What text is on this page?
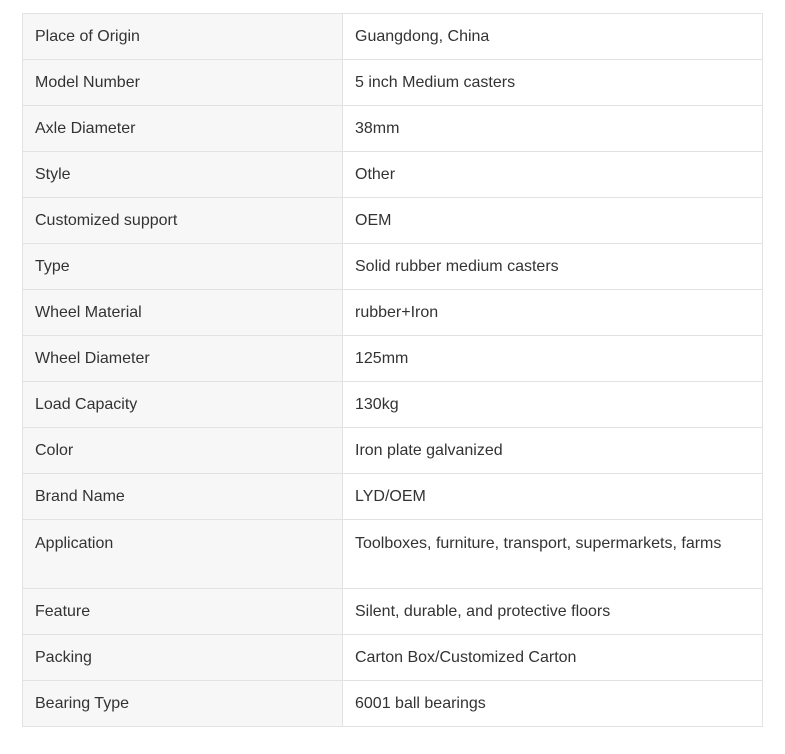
Place of Origin	Guangdong, China
Model Number	5 inch Medium casters
Axle Diameter	38mm
Style	Other
Customized support	OEM
Type	Solid rubber medium casters
Wheel Material	rubber+Iron
Wheel Diameter	125mm
Load Capacity	130kg
Color	Iron plate galvanized
Brand Name	LYD/OEM
Application	Toolboxes, furniture, transport, supermarkets, farms
Feature	Silent, durable, and protective floors
Packing	Carton Box/Customized Carton
Bearing Type	6001 ball bearings
